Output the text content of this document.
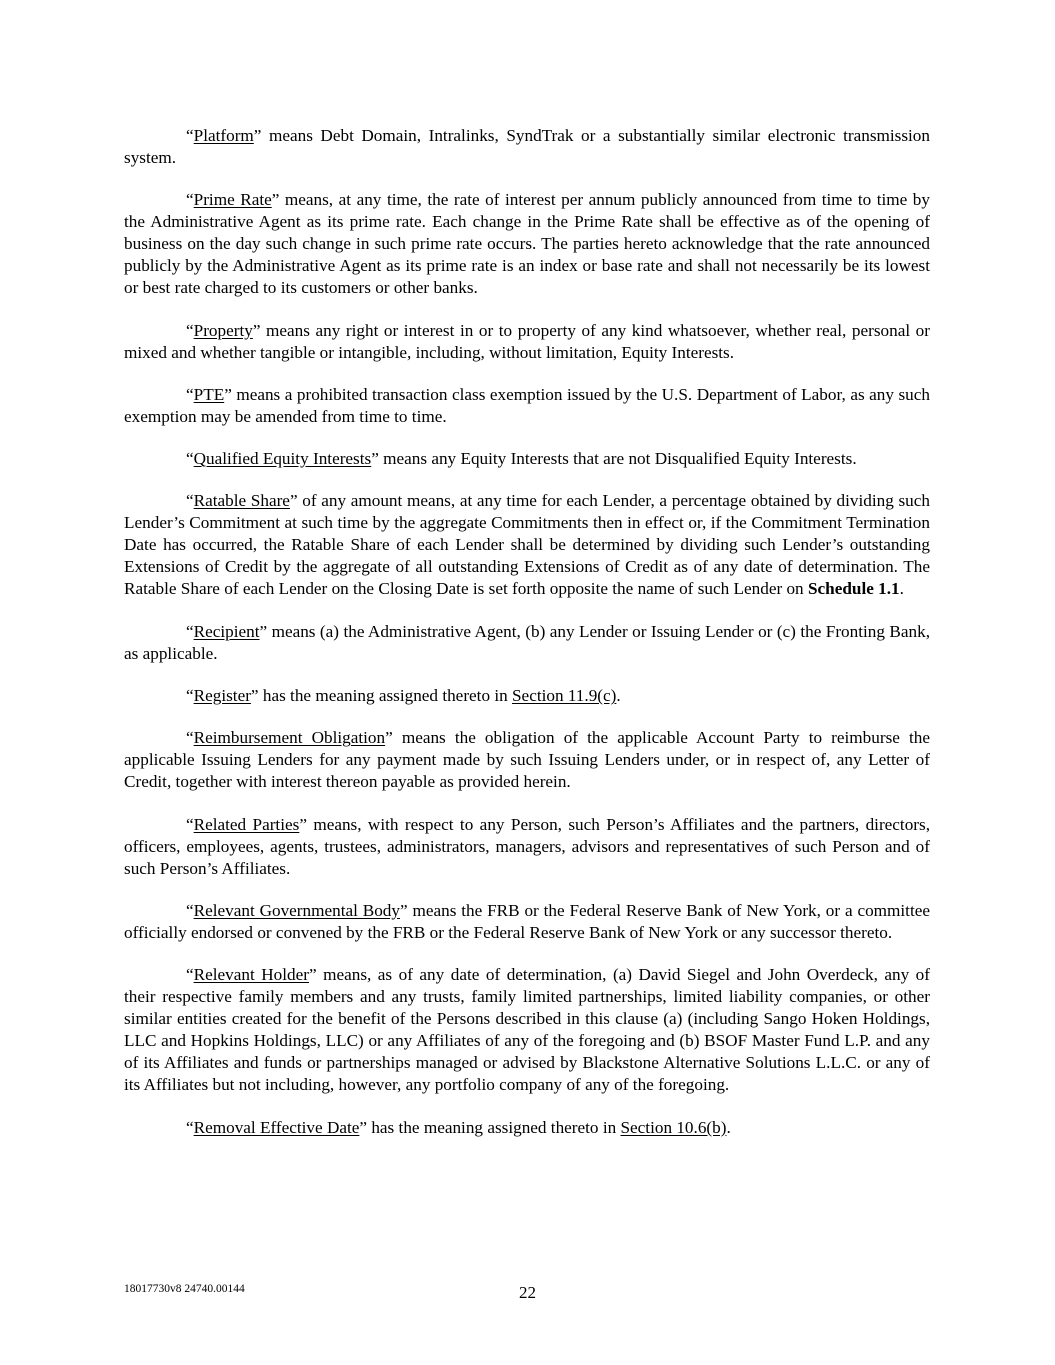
“Platform” means Debt Domain, Intralinks, SyndTrak or a substantially similar electronic transmission system.

“Prime Rate” means, at any time, the rate of interest per annum publicly announced from time to time by the Administrative Agent as its prime rate. Each change in the Prime Rate shall be effective as of the opening of business on the day such change in such prime rate occurs. The parties hereto acknowledge that the rate announced publicly by the Administrative Agent as its prime rate is an index or base rate and shall not necessarily be its lowest or best rate charged to its customers or other banks.

“Property” means any right or interest in or to property of any kind whatsoever, whether real, personal or mixed and whether tangible or intangible, including, without limitation, Equity Interests.

“PTE” means a prohibited transaction class exemption issued by the U.S. Department of Labor, as any such exemption may be amended from time to time.

“Qualified Equity Interests” means any Equity Interests that are not Disqualified Equity Interests.

“Ratable Share” of any amount means, at any time for each Lender, a percentage obtained by dividing such Lender’s Commitment at such time by the aggregate Commitments then in effect or, if the Commitment Termination Date has occurred, the Ratable Share of each Lender shall be determined by dividing such Lender’s outstanding Extensions of Credit by the aggregate of all outstanding Extensions of Credit as of any date of determination. The Ratable Share of each Lender on the Closing Date is set forth opposite the name of such Lender on Schedule 1.1.

“Recipient” means (a) the Administrative Agent, (b) any Lender or Issuing Lender or (c) the Fronting Bank, as applicable.

“Register” has the meaning assigned thereto in Section 11.9(c).

“Reimbursement Obligation” means the obligation of the applicable Account Party to reimburse the applicable Issuing Lenders for any payment made by such Issuing Lenders under, or in respect of, any Letter of Credit, together with interest thereon payable as provided herein.

“Related Parties” means, with respect to any Person, such Person’s Affiliates and the partners, directors, officers, employees, agents, trustees, administrators, managers, advisors and representatives of such Person and of such Person’s Affiliates.

“Relevant Governmental Body” means the FRB or the Federal Reserve Bank of New York, or a committee officially endorsed or convened by the FRB or the Federal Reserve Bank of New York or any successor thereto.

“Relevant Holder” means, as of any date of determination, (a) David Siegel and John Overdeck, any of their respective family members and any trusts, family limited partnerships, limited liability companies, or other similar entities created for the benefit of the Persons described in this clause (a) (including Sango Hoken Holdings, LLC and Hopkins Holdings, LLC) or any Affiliates of any of the foregoing and (b) BSOF Master Fund L.P. and any of its Affiliates and funds or partnerships managed or advised by Blackstone Alternative Solutions L.L.C. or any of its Affiliates but not including, however, any portfolio company of any of the foregoing.

“Removal Effective Date” has the meaning assigned thereto in Section 10.6(b).

18017730v8 24740.00144	22
